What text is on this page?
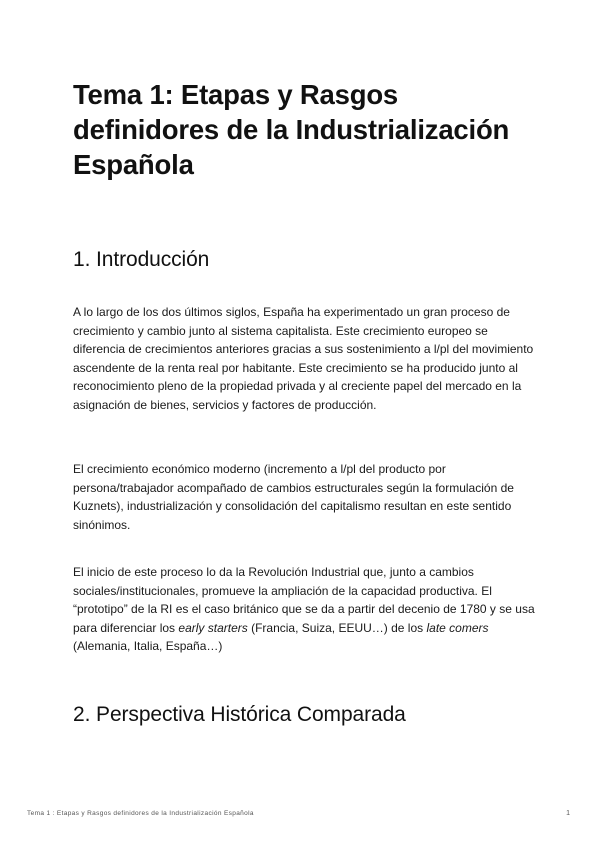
Tema 1: Etapas y Rasgos definidores de la Industrialización Española
1. Introducción

A lo largo de los dos últimos siglos, España ha experimentado un gran proceso de crecimiento y cambio junto al sistema capitalista. Este crecimiento europeo se diferencia de crecimientos anteriores gracias a sus sostenimiento a l/pl del movimiento ascendente de la renta real por habitante. Este crecimiento se ha producido junto al reconocimiento pleno de la propiedad privada y al creciente papel del mercado en la asignación de bienes, servicios y factores de producción.

El crecimiento económico moderno (incremento a l/pl del producto por persona/trabajador acompañado de cambios estructurales según la formulación de Kuznets), industrialización y consolidación del capitalismo resultan en este sentido sinónimos.

El inicio de este proceso lo da la Revolución Industrial que, junto a cambios sociales/institucionales, promueve la ampliación de la capacidad productiva. El “prototipo” de la RI es el caso británico que se da a partir del decenio de 1780 y se usa para diferenciar los early starters (Francia, Suiza, EEUU…) de los late comers (Alemania, Italia, España…)

2. Perspectiva Histórica Comparada
Tema 1 : Etapas y Rasgos definidores de la Industrialización Española	1
